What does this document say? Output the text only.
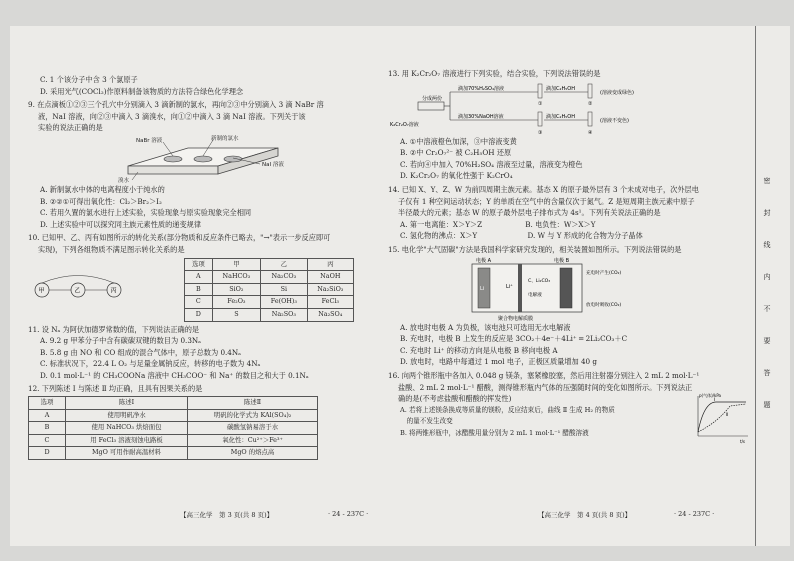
C. 1 个该分子中含 3 个氯原子

D. 采用光气(COCl₂)作原料制备该物质的方法符合绿色化学理念

9. 在点滴板①②③三个孔穴中分别滴入 3 滴新制的氯水，再向②③中分别滴入 3 滴 NaBr 溶

液，NaI 溶液，向②③中滴入 3 滴溴水，向①②中滴入 3 滴 NaI 溶液。下列关于该

实验的说法正确的是

NaBr 溶液	新制的氯水
NaI 溶液
溴水

A. 新制氯水中体的电离程度小于纯水的

B. ②②①可得出氧化性：Cl₂＞Br₂＞I₂

C. 若用久置的氯水进行上述实验，实验现象与原实验现象完全相同

D. 上述实验中可以探究同主族元素性质的递变规律

10. 已知甲、乙、丙有如图所示的转化关系(部分物质和反应条件已略去，"→"表示一步反应即可

实现)，下列各组物质不满足图示转化关系的是

甲	乙	丙
选项	甲	乙	丙
A	NaHCO₃	Na₂CO₃	NaOH
B	SiO₂	Si	Na₂SiO₃
C	Fe₂O₃	Fe(OH)₃	FeCl₃
D	S	Na₂SO₃	Na₂SO₄

11. 设 Nₐ 为阿伏加德罗常数的值，下列说法正确的是

A. 9.2 g 甲苯分子中含有碳碳双键的数目为 0.3Nₐ

B. 5.8 g 由 NO 和 CO 组成的混合气体中，原子总数为 0.4Nₐ

C. 标准状况下，22.4 L O₂ 与足量金属钠反应，转移的电子数为 4Nₐ

D. 0.1 mol·L⁻¹ 的 CH₃COONa 溶液中 CH₃COO⁻ 和 Na⁺ 的数目之和大于 0.1Nₐ

12. 下列陈述 Ⅰ 与陈述 Ⅱ 均正确，且具有因果关系的是

选项	陈述Ⅰ	陈述Ⅱ
A	使用明矾净水	明矾的化学式为 KAl(SO₄)₂
B	使用 NaHCO₃ 烘焙面包	碳酸氢钠易溶于水
C	用 FeCl₃ 溶液刻蚀电路板	氧化性：Cu²⁺＞Fe³⁺
D	MgO 可用作耐高温材料	MgO 的熔点高
【高三化学　第 3 页(共 8 页)】	· 24 - 237C ·

13. 用 K₂Cr₂O₇ 溶液进行下列实验，结合实验，下列说法错误的是

K₂Cr₂O₇溶液
分成两份
滴加70%H₂SO₄溶液
滴加30%NaOH溶液
滴加C₂H₅OH
滴加C₂H₅OH
①	②
③	④
(溶液变成绿色)
(溶液不变色)

A. ①中溶液橙色加深，③中溶液变黄

B. ②中 Cr₂O₇²⁻ 被 C₂H₅OH 还原

C. 若向④中加入 70%H₂SO₄ 溶液至过量，溶液变为橙色

D. K₂Cr₂O₇ 的氧化性强于 K₂CrO₄

14. 已知 X、Y、Z、W 为前四周期主族元素。基态 X 的原子最外层有 3 个未成对电子，次外层电

子仅有 1 种空间运动状态；Y 的单质在空气中的含量仅次于氮气。Z 是短周期主族元素中原子

半径最大的元素；基态 W 的原子最外层电子排布式为 4s¹。下列有关说法正确的是

A. 第一电离能：X＞Y＞Z　　　　　　B. 电负性：W＞X＞Y

C. 氢化物的沸点：X＞Y　　　　　　　D. W 与 Y 形成的化合物为分子晶体

15. 电化学"大气固碳"方法是我国科学家研究发现的，相关装置如图所示。下列说法错误的是

Li	Li⁺
C、Li₂CO₃
电解液
电极 A	电极 B
充电时产生(CO₂)
放电时吸收(CO₂)
聚合物电解质膜

A. 放电时电极 A 为负极，该电池只可选用无水电解液

B. 充电时，电极 B 上发生的反应是 3CO₂＋4e⁻＋4Li⁺ ═ 2Li₂CO₃＋C

C. 充电时 Li⁺ 的移动方向是从电极 B 移向电极 A

D. 放电时，电路中每通过 1 mol 电子，正极区质量增加 40 g

16. 向两个锥形瓶中各加入 0.048 g 镁条，塞紧橡胶塞，然后用注射器分别注入 2 mL 2 mol·L⁻¹

盐酸、2 mL 2 mol·L⁻¹ 醋酸，测得锥形瓶内气体的压强随时间的变化如图所示。下列说法正

确的是(不考虑盐酸和醋酸的挥发性)

A. 若将上述镁条换成等质量的镁粉，反应结束后，曲线 Ⅱ 生成 H₂ 的物质

　的量不发生改变

B. 将两锥形瓶中，冰醋酸用量分别为 2 mL 1 mol·L⁻¹ 醋酸溶液

p(气体)/kPa
t/s
Ⅰ
Ⅱ
【高三化学　第 4 页(共 8 页)】	· 24 - 237C ·
密
封
线
内
不
要
答
题
